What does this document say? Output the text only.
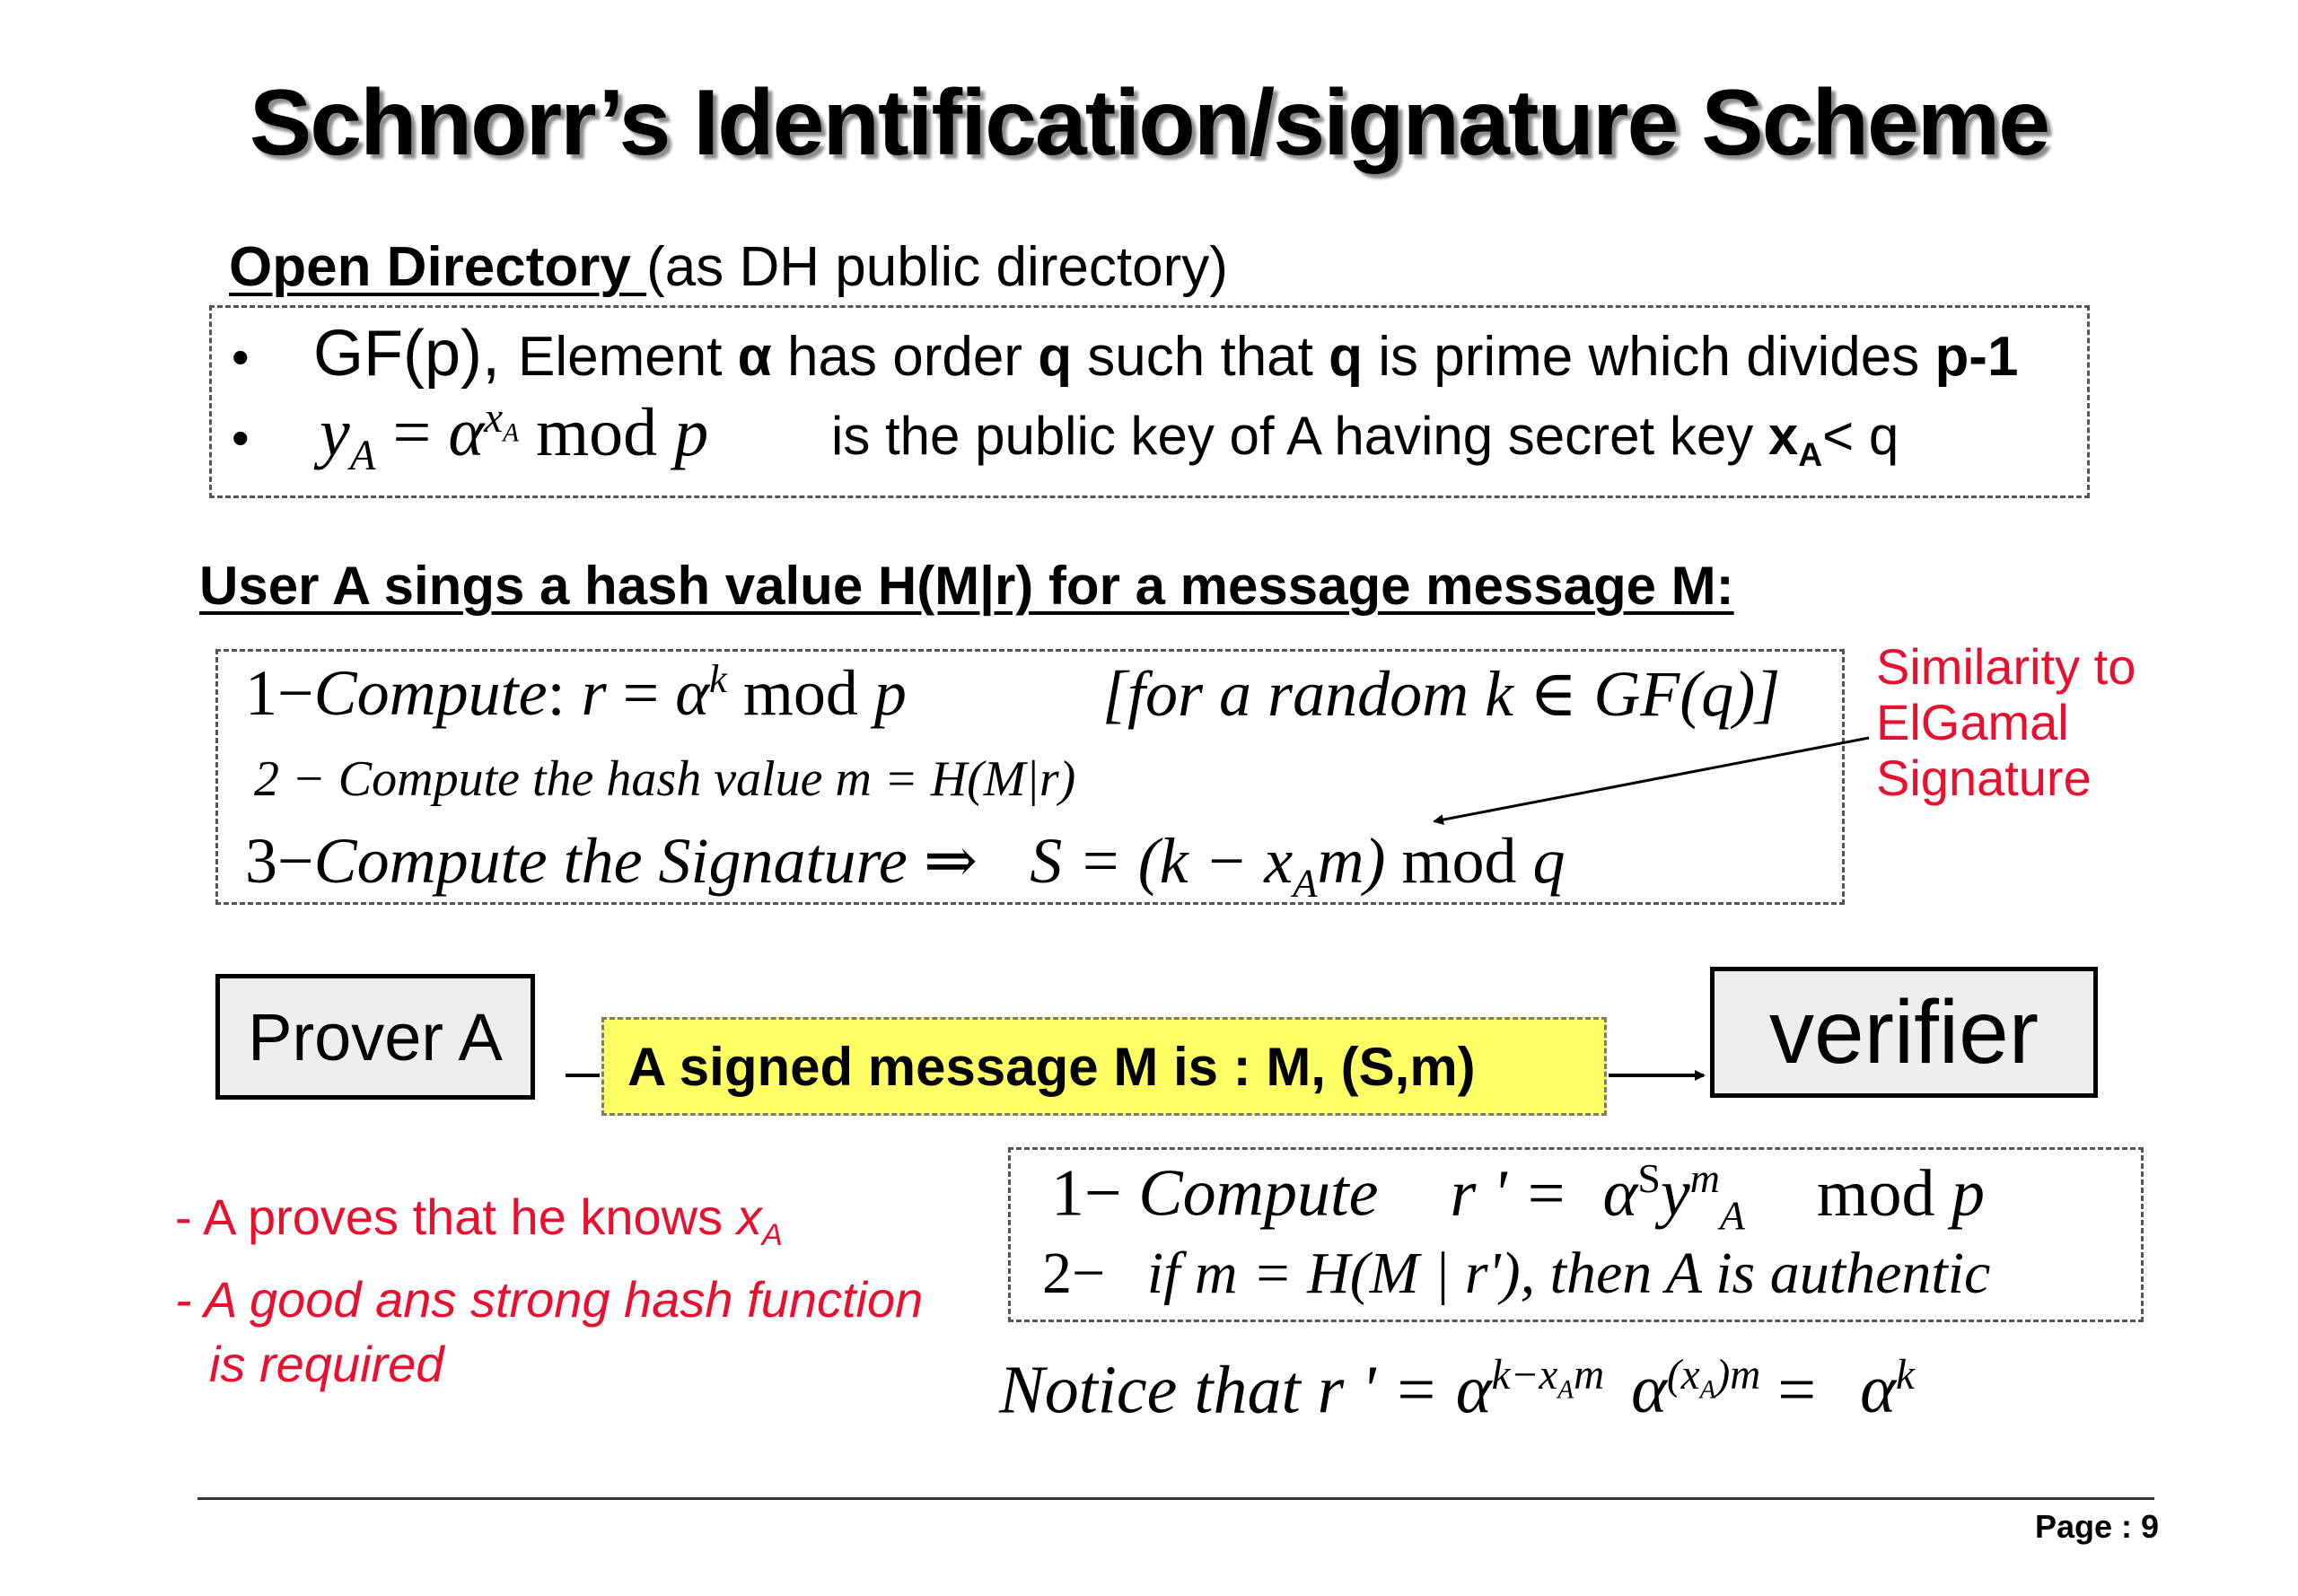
Schnorr’s Identification/signature Scheme
Open Directory (as DH public directory)
• GF(p), Element α has order q such that q is prime which divides p-1
• $y_A = \alpha^{x_A}$ mod p is the public key of A having secret key $x_A< q$
User A sings a hash value H(M|r) for a message message M:
1−Compute: $r = \alpha^k$ mod p	[for a random k ∈ GF(q)]
2 − Compute the hash value m = H(M|r)
3−Compute the Signature ⇒ $S = (k - x_Am)$ mod q
Similarity to
ElGamal
Signature
Prover A A signed message M is : M, (S,m)	verifier
- A proves that he knows $x_A$
- A good ans strong hash function
is required
1− Compute r ' = $\alpha^Sy^m_A$ mod p
2− if m = H(M | r'), then A is authentic
Notice that r ' = $\alpha^{k-x_Am}$ $\alpha^{(x_A)m} = \alpha^k$
Page : 9
